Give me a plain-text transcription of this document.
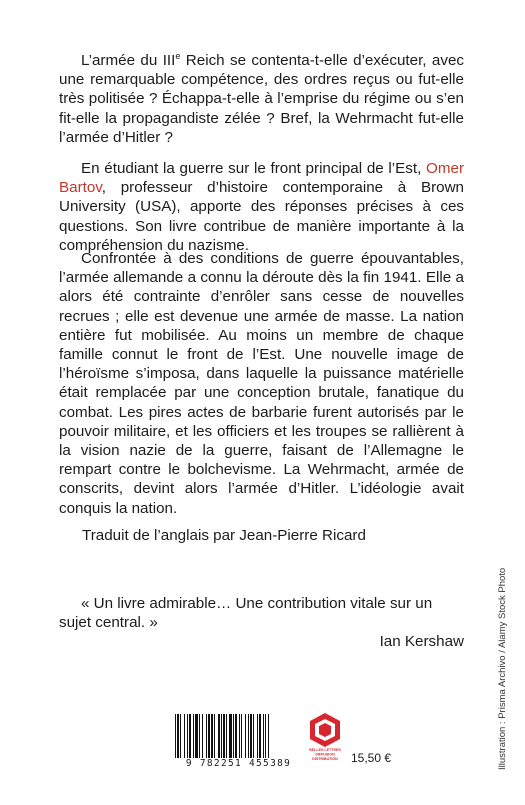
L’armée du IIIe Reich se contenta-t-elle d’exécuter, avec une remarquable compétence, des ordres reçus ou fut-elle très politisée ? Échappa-t-elle à l’emprise du régime ou s’en fit-elle la propagandiste zélée ? Bref, la Wehrmacht fut-elle l’armée d’Hitler ?

En étudiant la guerre sur le front principal de l’Est, Omer Bartov, professeur d’histoire contemporaine à Brown University (USA), apporte des réponses précises à ces questions. Son livre contribue de manière importante à la compréhension du nazisme.

Confrontée à des conditions de guerre épouvantables, l’armée allemande a connu la déroute dès la fin 1941. Elle a alors été contrainte d’enrôler sans cesse de nouvelles recrues ; elle est devenue une armée de masse. La nation entière fut mobilisée. Au moins un membre de chaque famille connut le front de l’Est. Une nouvelle image de l’héroïsme s’imposa, dans laquelle la puissance matérielle était remplacée par une conception brutale, fanatique du combat. Les pires actes de barbarie furent autorisés par le pouvoir militaire, et les officiers et les troupes se rallièrent à la vision nazie de la guerre, faisant de l’Allemagne le rempart contre le bolchevisme. La Wehrmacht, armée de conscrits, devint alors l’armée d’Hitler. L’idéologie avait conquis la nation.

Traduit de l’anglais par Jean-Pierre Ricard

« Un livre admirable… Une contribution vitale sur un sujet central. »

Ian Kershaw	Illustration : Prisma Archivo / Alamy Stock Photo
9 782251 455389
BELLES LETTRES
DIFFUSION
DISTRIBUTION 15,50 €
